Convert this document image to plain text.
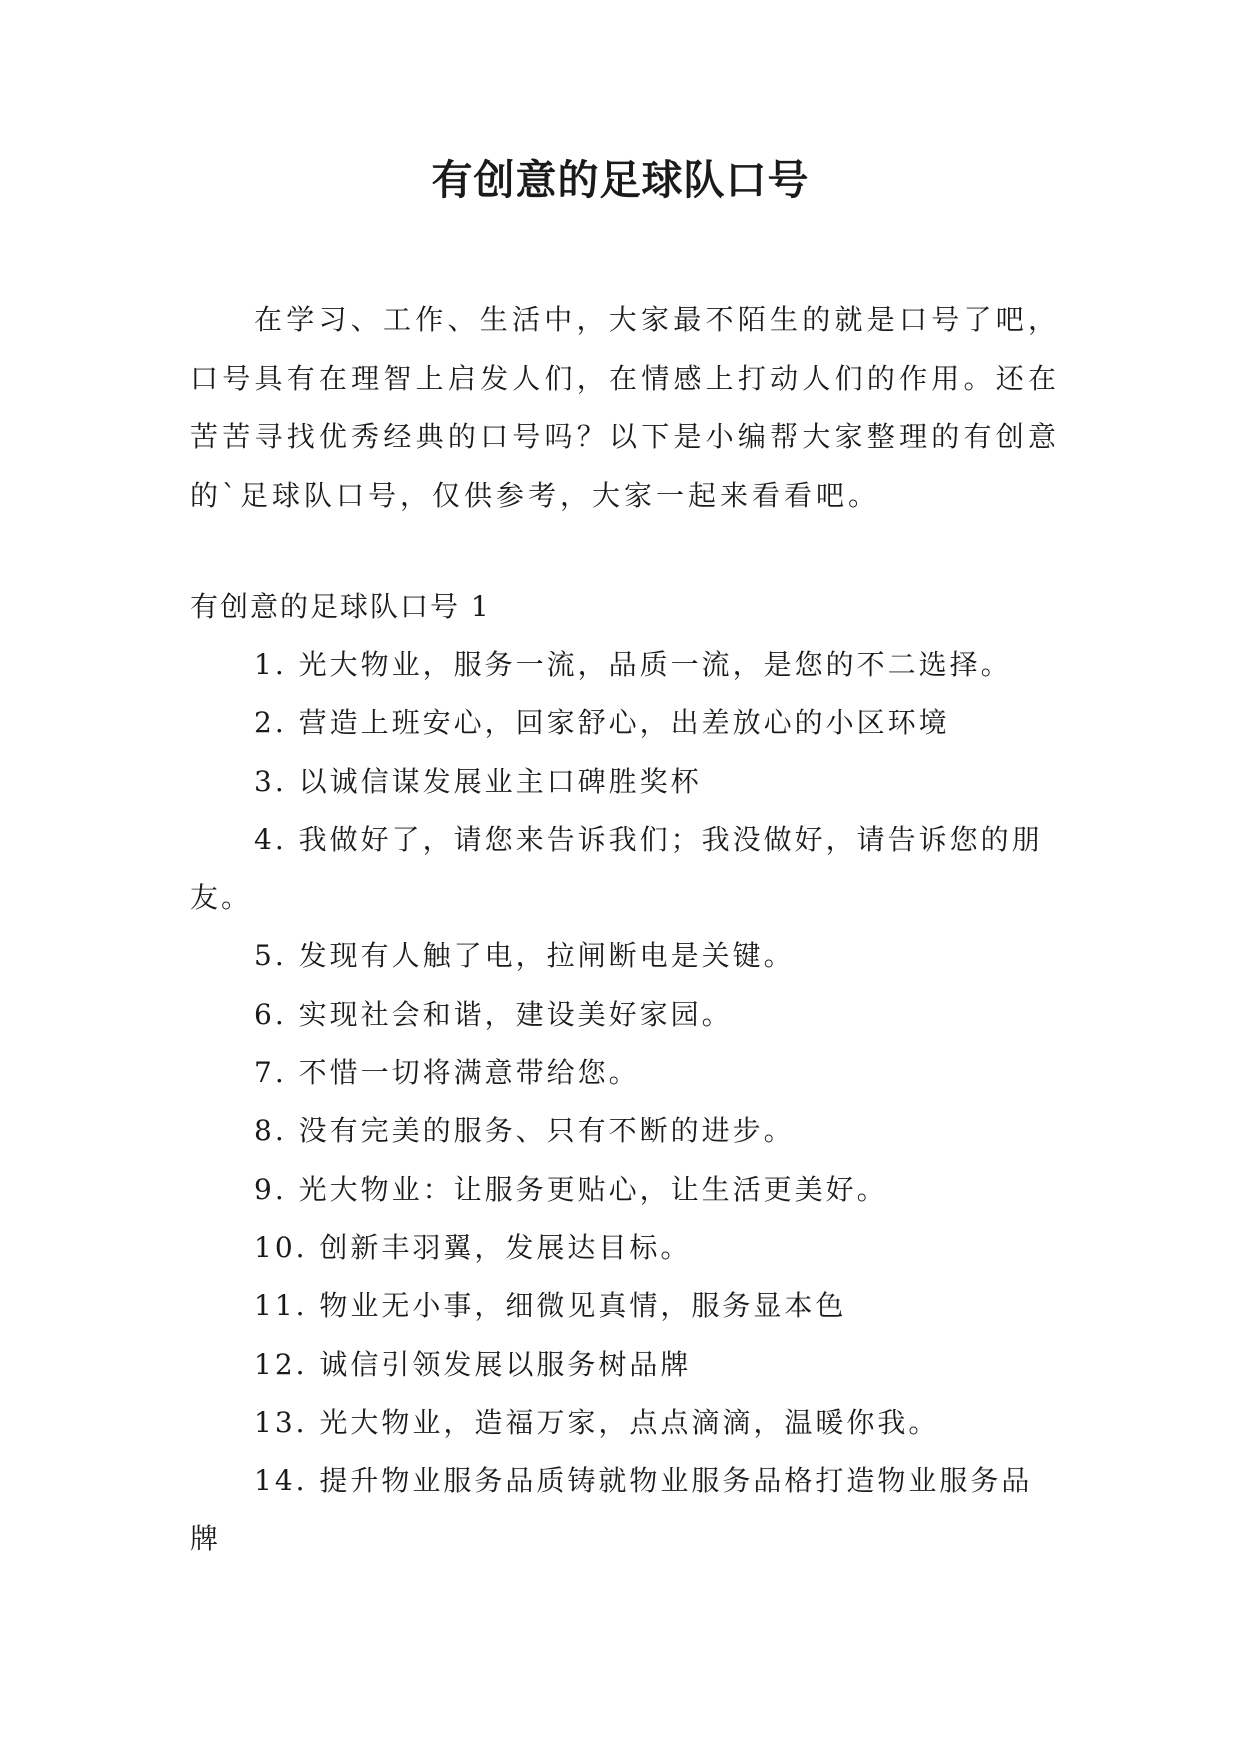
有创意的足球队口号

在学习、工作、生活中，大家最不陌生的就是口号了吧，口号具有在理智上启发人们，在情感上打动人们的作用。还在苦苦寻找优秀经典的口号吗？以下是小编帮大家整理的有创意的`足球队口号，仅供参考，大家一起来看看吧。

有创意的足球队口号 1

1. 光大物业，服务一流，品质一流，是您的不二选择。
2. 营造上班安心，回家舒心，出差放心的小区环境
3. 以诚信谋发展业主口碑胜奖杯
4. 我做好了，请您来告诉我们；我没做好，请告诉您的朋友。
5. 发现有人触了电，拉闸断电是关键。
6. 实现社会和谐，建设美好家园。
7. 不惜一切将满意带给您。
8. 没有完美的服务、只有不断的进步。
9. 光大物业：让服务更贴心，让生活更美好。
10. 创新丰羽翼，发展达目标。
11. 物业无小事，细微见真情，服务显本色
12. 诚信引领发展以服务树品牌
13. 光大物业，造福万家，点点滴滴，温暖你我。
14. 提升物业服务品质铸就物业服务品格打造物业服务品牌
